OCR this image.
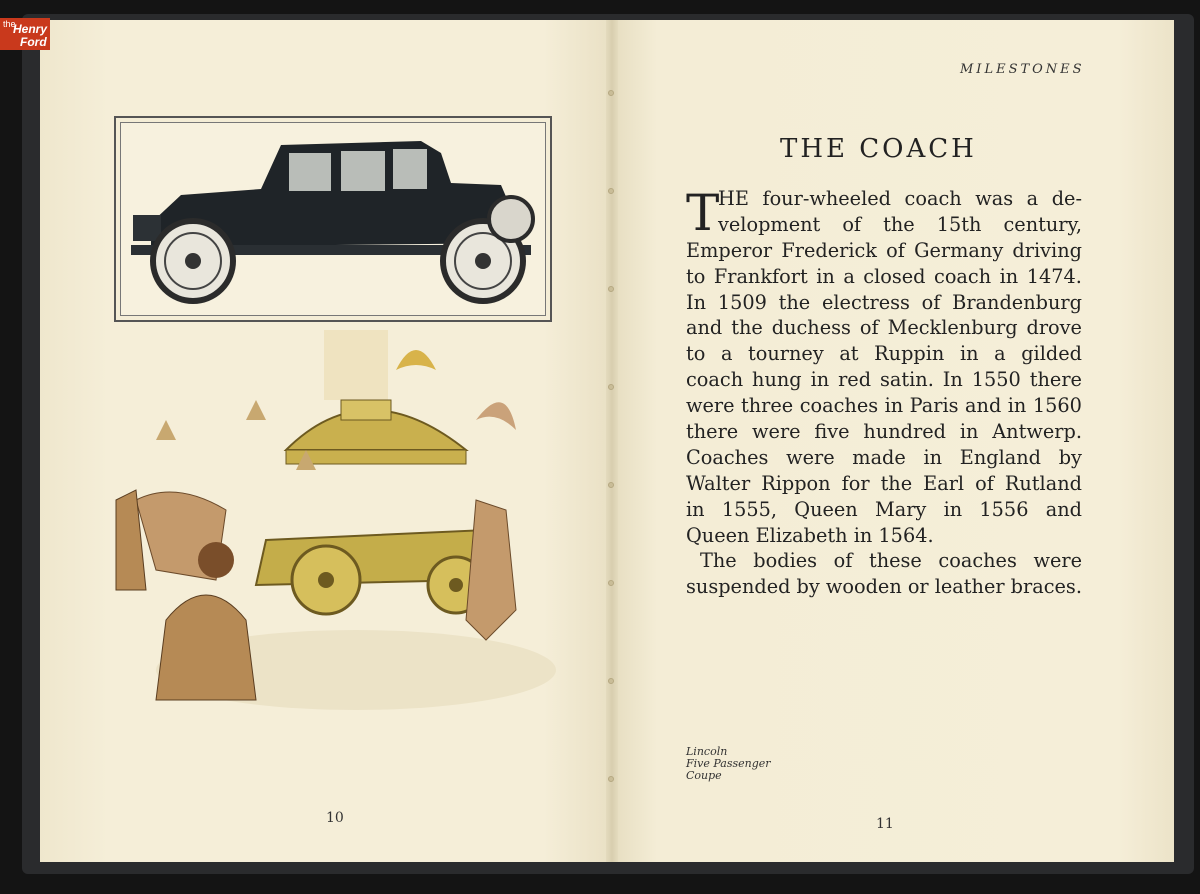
the
Henry
Ford
10
MILESTONES
THE COACH
T
HE four-wheeled coach was a de-
velopment of the 15th century,
Emperor Frederick of Germany driving
to Frankfort in a closed coach in 1474.
In 1509 the electress of Brandenburg
and the duchess of Mecklenburg drove
to a tourney at Ruppin in a gilded
coach hung in red satin. In 1550 there
were three coaches in Paris and in 1560
there were five hundred in Antwerp.
Coaches were made in England by
Walter Rippon for the Earl of Rutland
in 1555, Queen Mary in 1556 and
Queen Elizabeth in 1564.
The bodies of these coaches were
suspended by wooden or leather braces.
Lincoln
Five Passenger
Coupe
11
